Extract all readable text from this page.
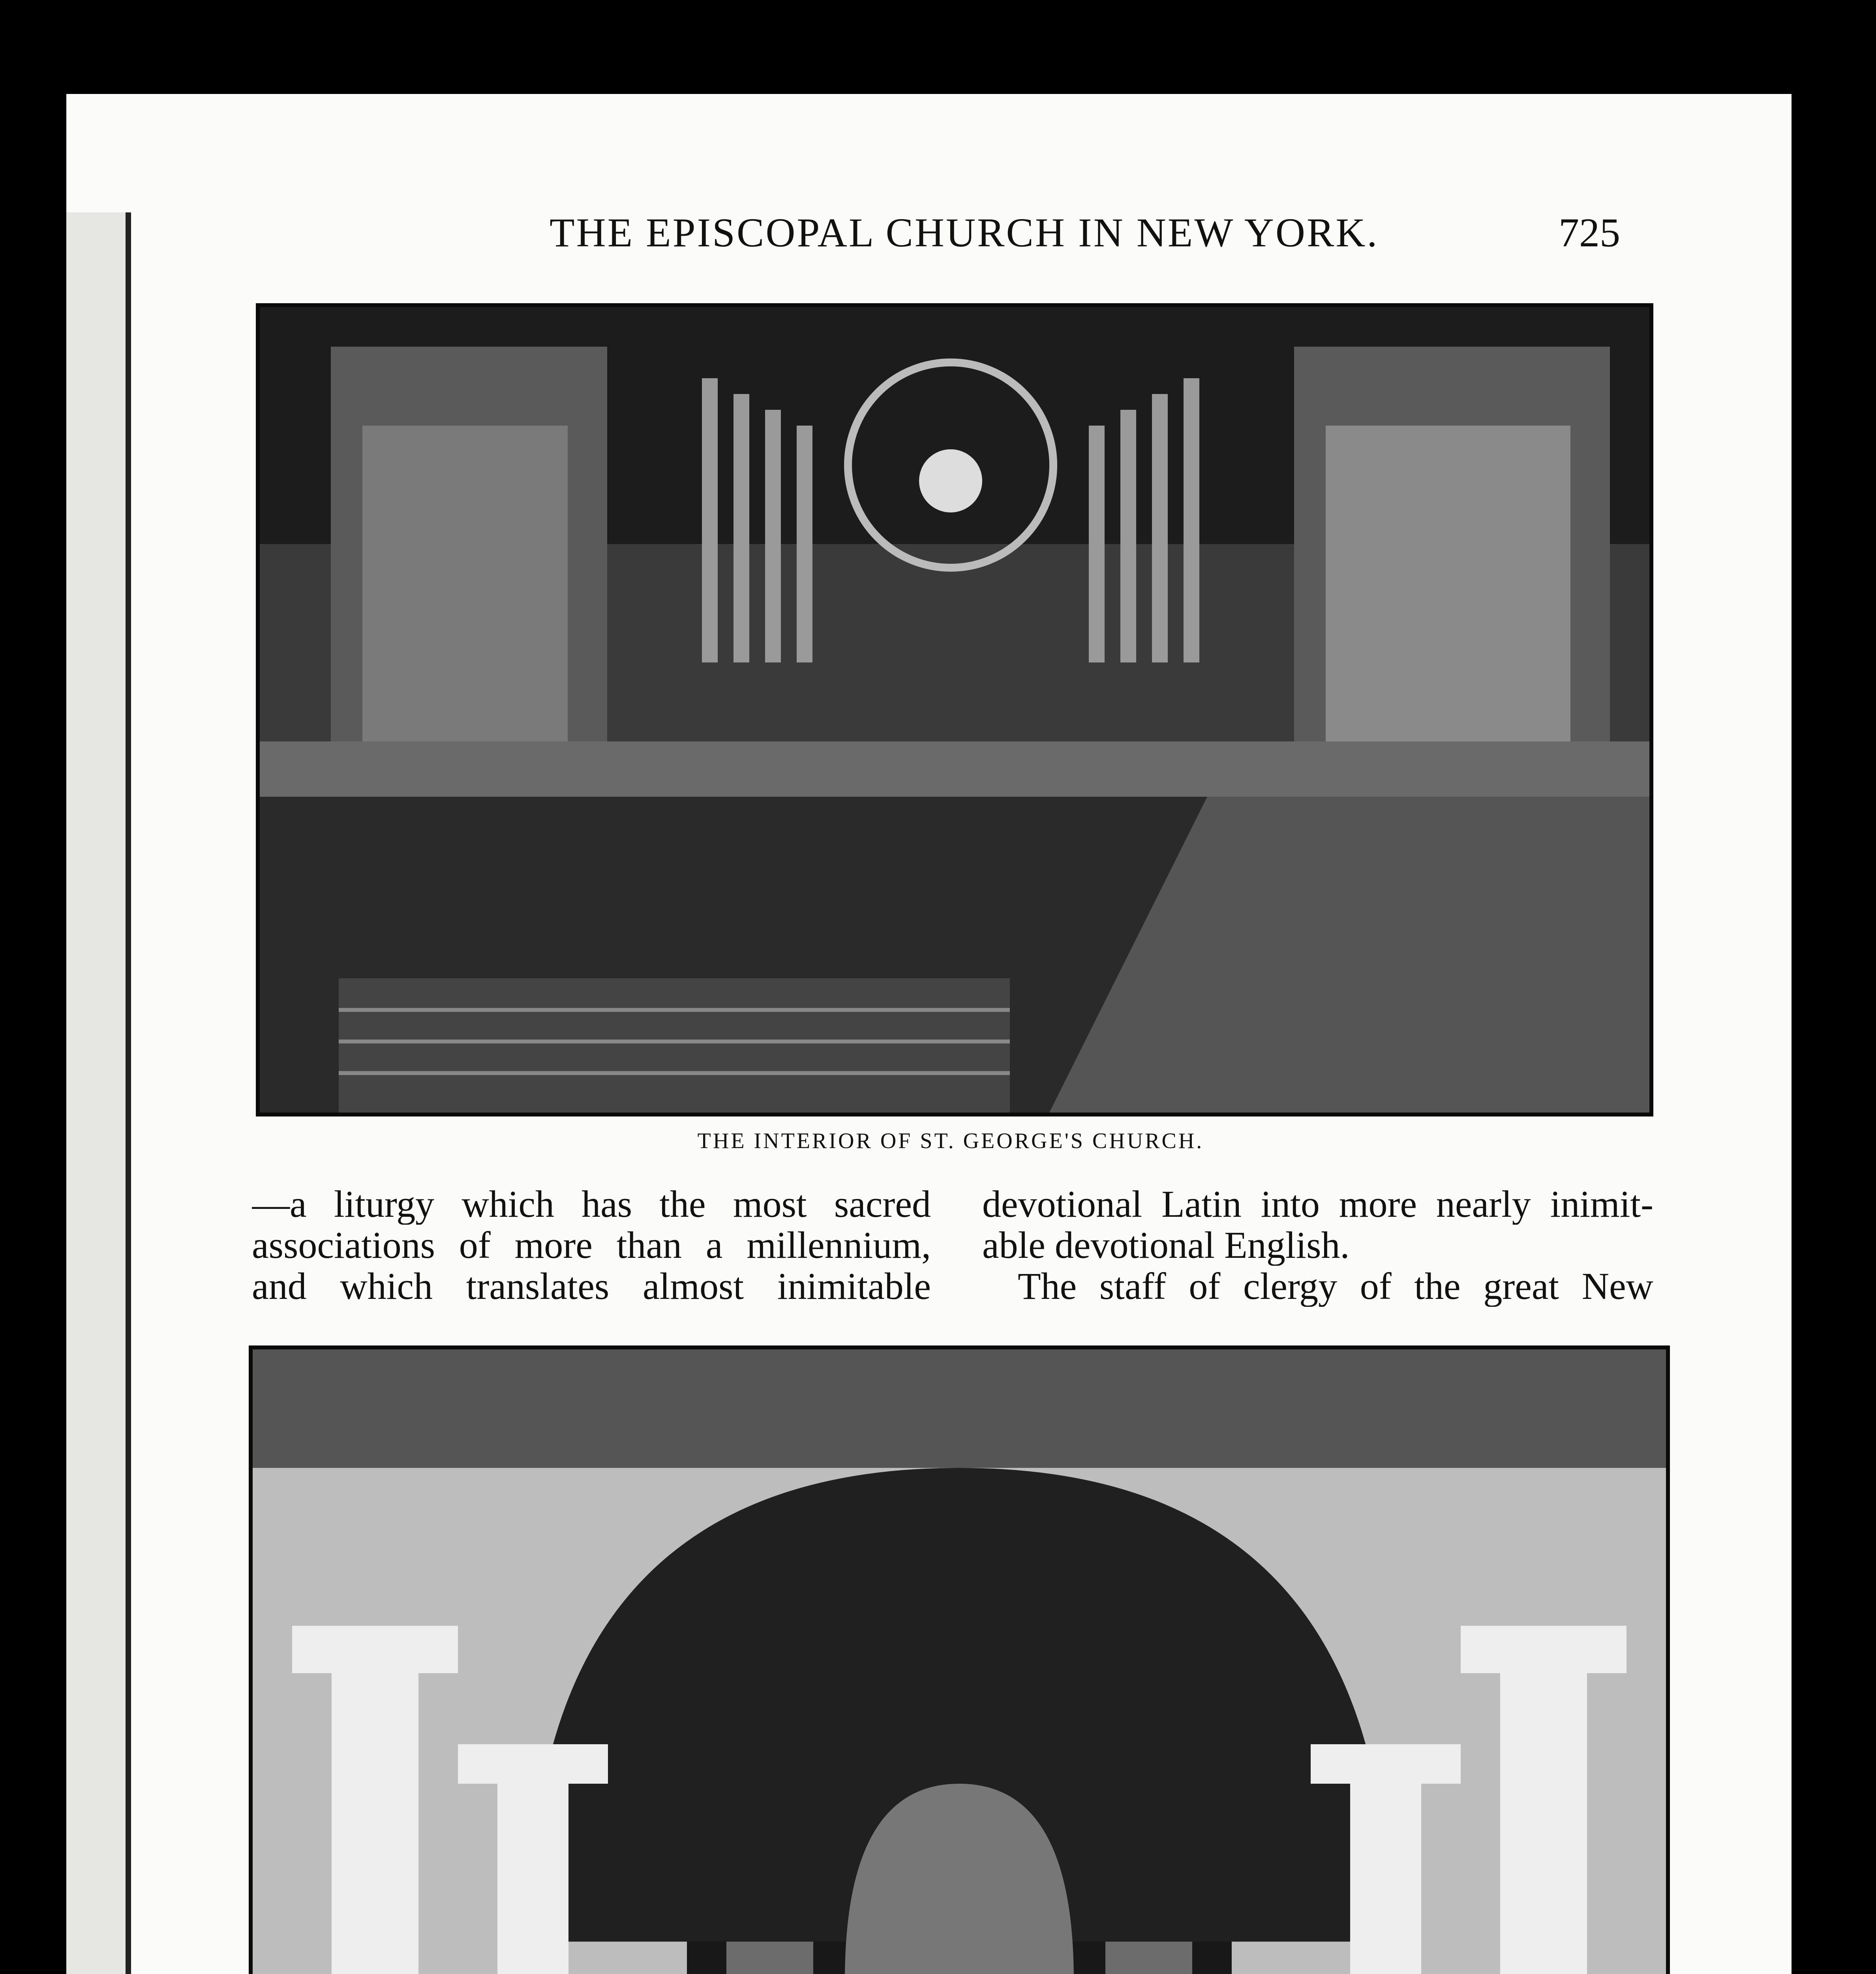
THE EPISCOPAL CHURCH IN NEW YORK.	725
THE INTERIOR OF ST. GEORGE'S CHURCH.
—a liturgy which has the most sacred
associations of more than a millennium,
and which translates almost inimitable
devotional Latin into more nearly inimit-
able devotional English.
The staff of clergy of the great New
